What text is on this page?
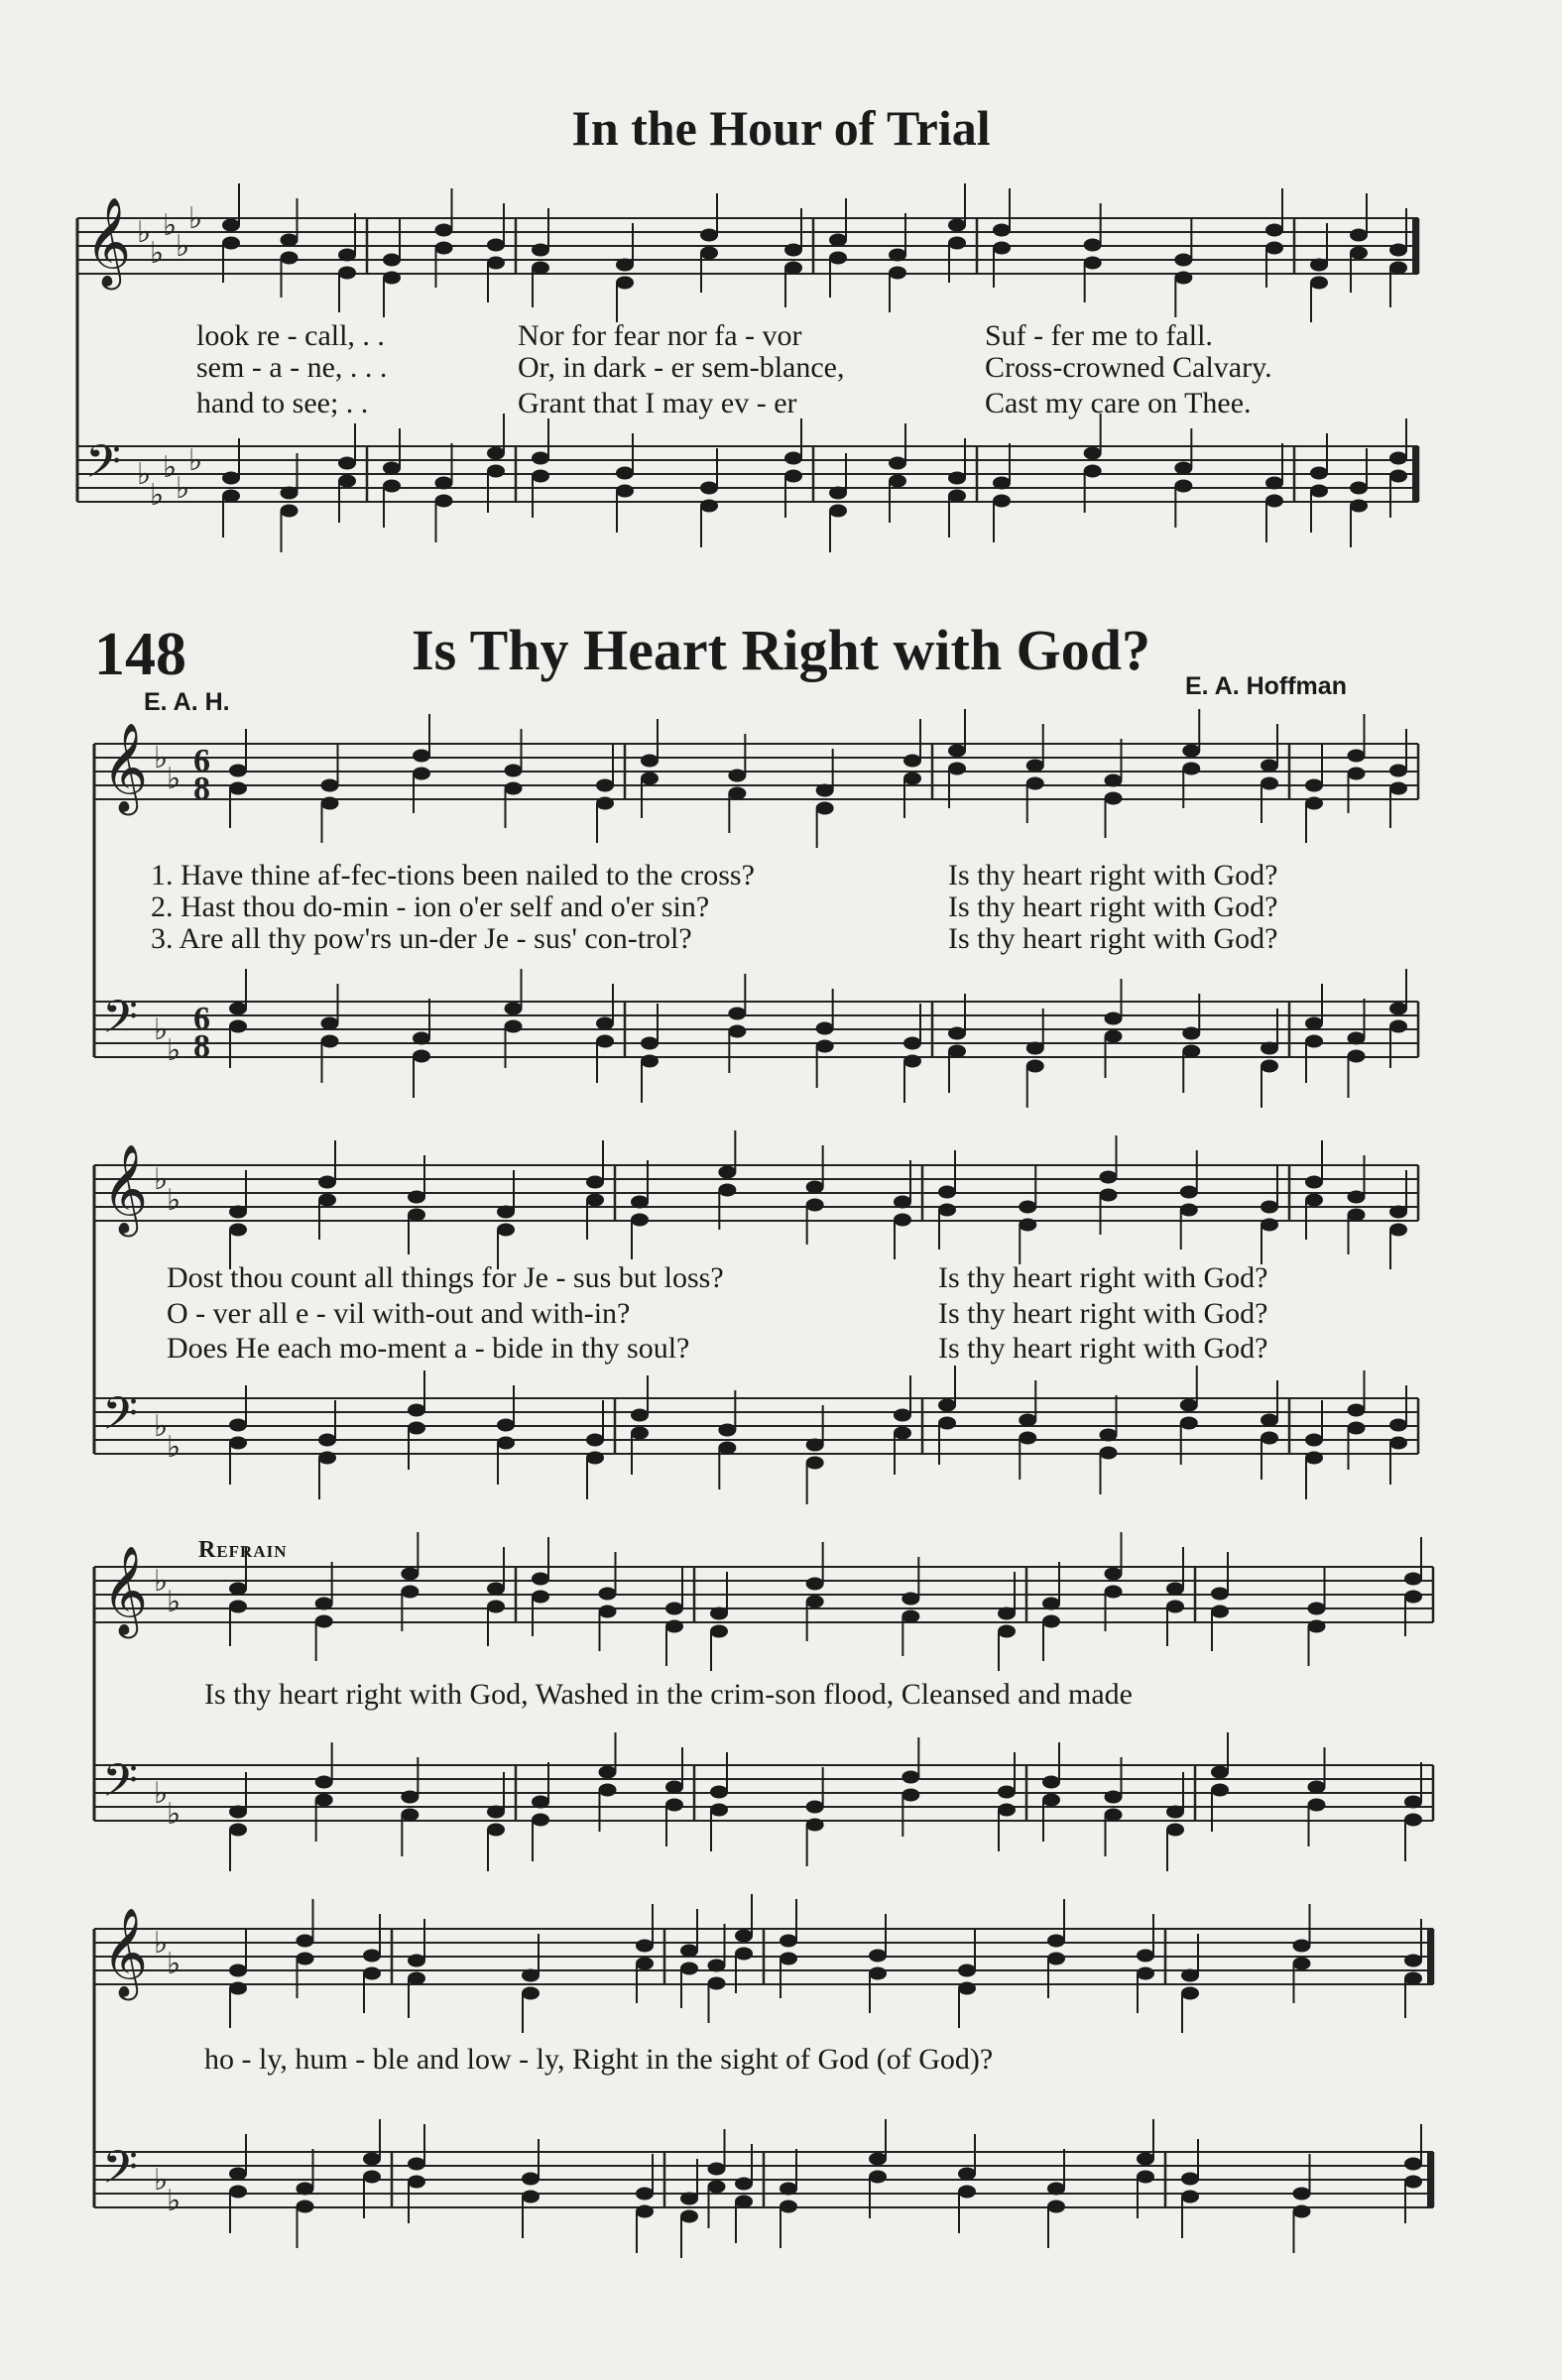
In the Hour of Trial
148	Is Thy Heart Right with God?
E. A. H.
E. A. Hoffman
Refrain
look re - call, . .	Nor for fear nor fa - vor	Suf - fer me to fall.
sem - a - ne, . . .	Or, in dark - er sem-blance,	Cross-crowned Calvary.
hand to see; . .	Grant that I may ev - er	Cast my care on Thee.
1. Have thine af-fec-tions been nailed to the cross?	Is thy heart right with God?
2. Hast thou do-min - ion o'er self and o'er sin?	Is thy heart right with God?
3. Are all thy pow'rs un-der Je - sus' con-trol?	Is thy heart right with God?
Dost thou count all things for Je - sus but loss?	Is thy heart right with God?
O - ver all e - vil with-out and with-in?	Is thy heart right with God?
Does He each mo-ment a - bide in thy soul?	Is thy heart right with God?
Is thy heart right with God, Washed in the crim-son flood, Cleansed and made
ho - ly, hum - ble and low - ly, Right in the sight of God (of God)?
𝄞 ♭
♭
♭
♭
♭
𝄢 ♭
♭
♭
♭
♭
𝄞 ♭
♭
𝄢 ♭
♭
𝄞 ♭
♭
𝄢 ♭
♭
𝄞 ♭
♭
𝄢 ♭
♭
𝄞 ♭
♭
𝄢 ♭
♭
6
8
6
8
